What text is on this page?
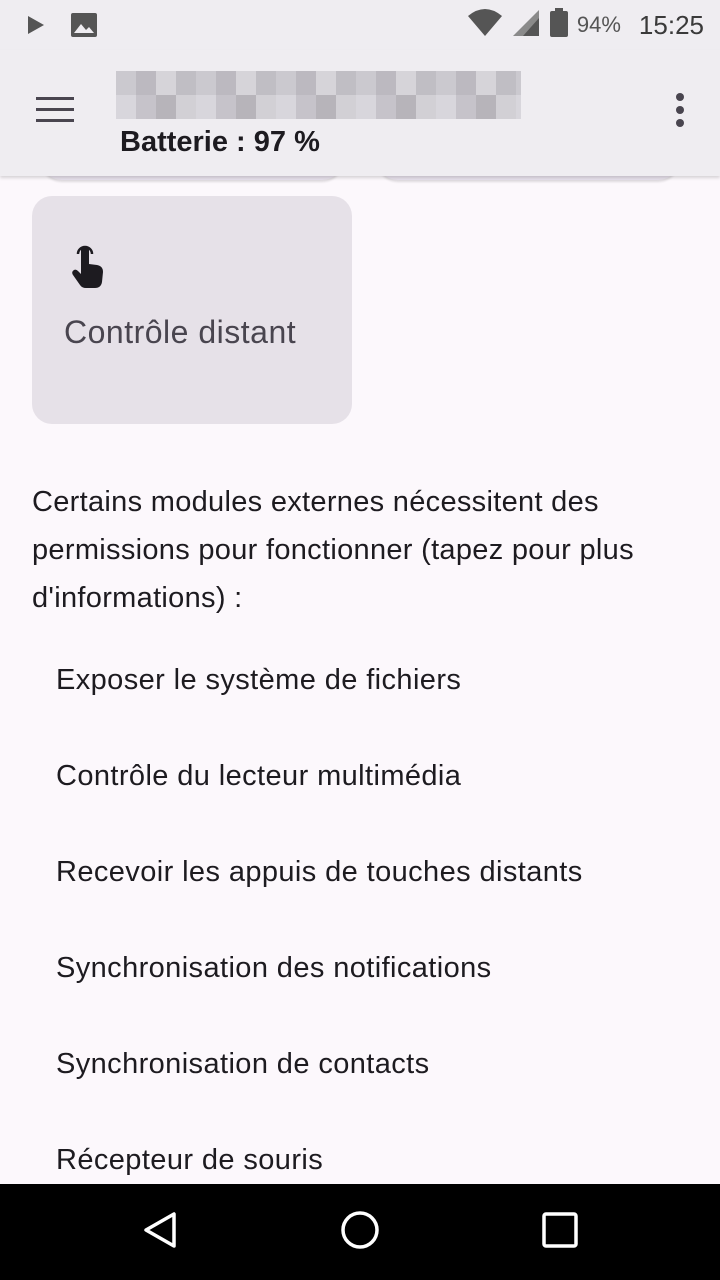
94% 15:25
Batterie : 97 %
Contrôle distant
Certains modules externes nécessitent des permissions pour fonctionner (tapez pour plus d'informations) :
Exposer le système de fichiers
Contrôle du lecteur multimédia
Recevoir les appuis de touches distants
Synchronisation des notifications
Synchronisation de contacts
Récepteur de souris
